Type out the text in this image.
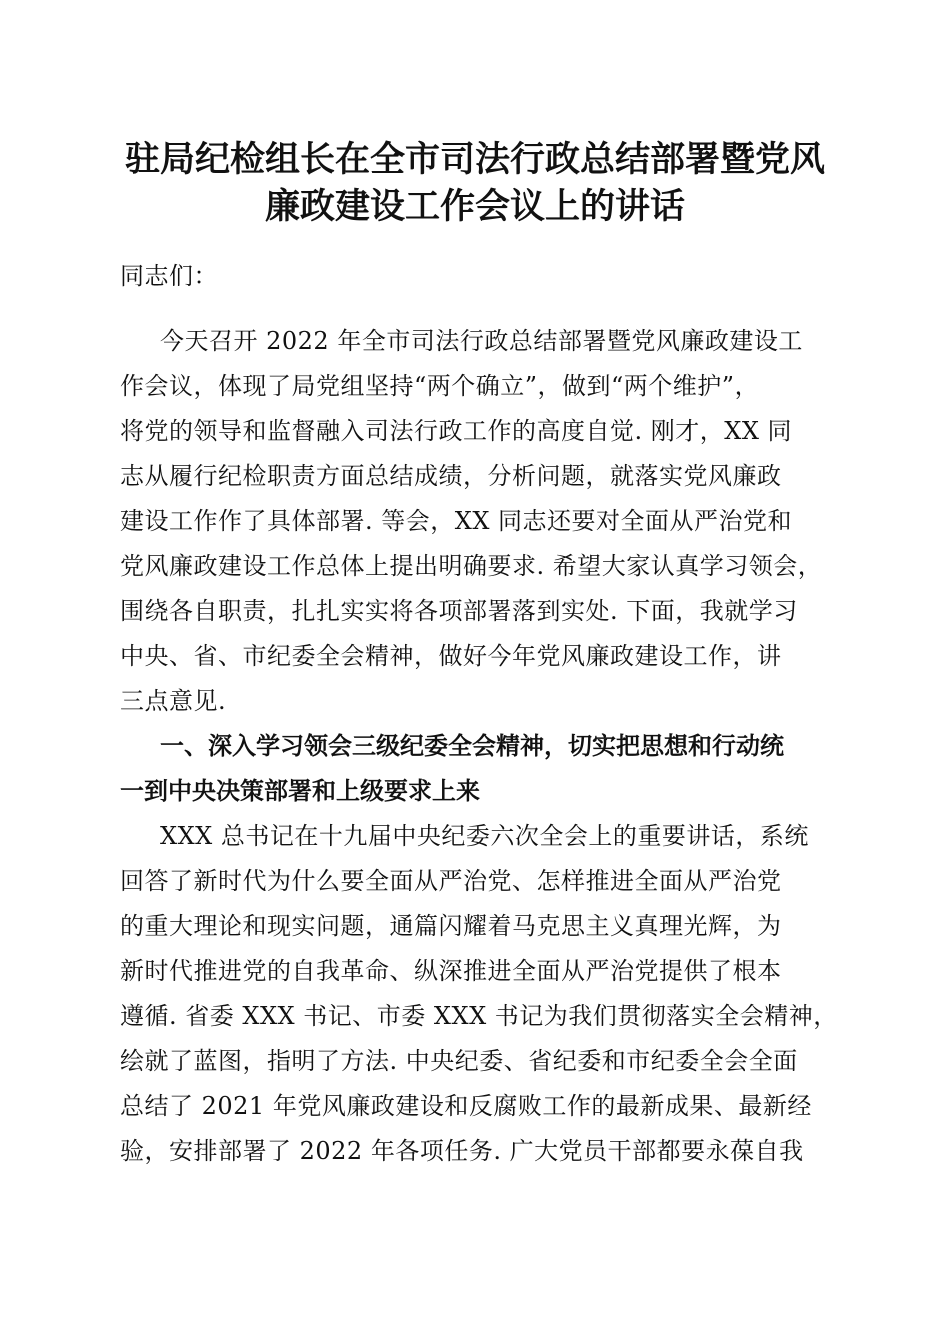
驻局纪检组长在全市司法行政总结部署暨党风
廉政建设工作会议上的讲话
同志们：
今天召开 2022 年全市司法行政总结部署暨党风廉政建设工
作会议，体现了局党组坚持“两个确立”，做到“两个维护”，
将党的领导和监督融入司法行政工作的高度自觉. 刚才，XX 同
志从履行纪检职责方面总结成绩，分析问题，就落实党风廉政
建设工作作了具体部署. 等会，XX 同志还要对全面从严治党和
党风廉政建设工作总体上提出明确要求. 希望大家认真学习领会，
围绕各自职责，扎扎实实将各项部署落到实处. 下面，我就学习
中央、省、市纪委全会精神，做好今年党风廉政建设工作，讲
三点意见.
一、深入学习领会三级纪委全会精神，切实把思想和行动统
一到中央决策部署和上级要求上来
XXX 总书记在十九届中央纪委六次全会上的重要讲话，系统
回答了新时代为什么要全面从严治党、怎样推进全面从严治党
的重大理论和现实问题，通篇闪耀着马克思主义真理光辉，为
新时代推进党的自我革命、纵深推进全面从严治党提供了根本
遵循. 省委 XXX 书记、市委 XXX 书记为我们贯彻落实全会精神，
绘就了蓝图，指明了方法. 中央纪委、省纪委和市纪委全会全面
总结了 2021 年党风廉政建设和反腐败工作的最新成果、最新经
验，安排部署了 2022 年各项任务. 广大党员干部都要永葆自我
